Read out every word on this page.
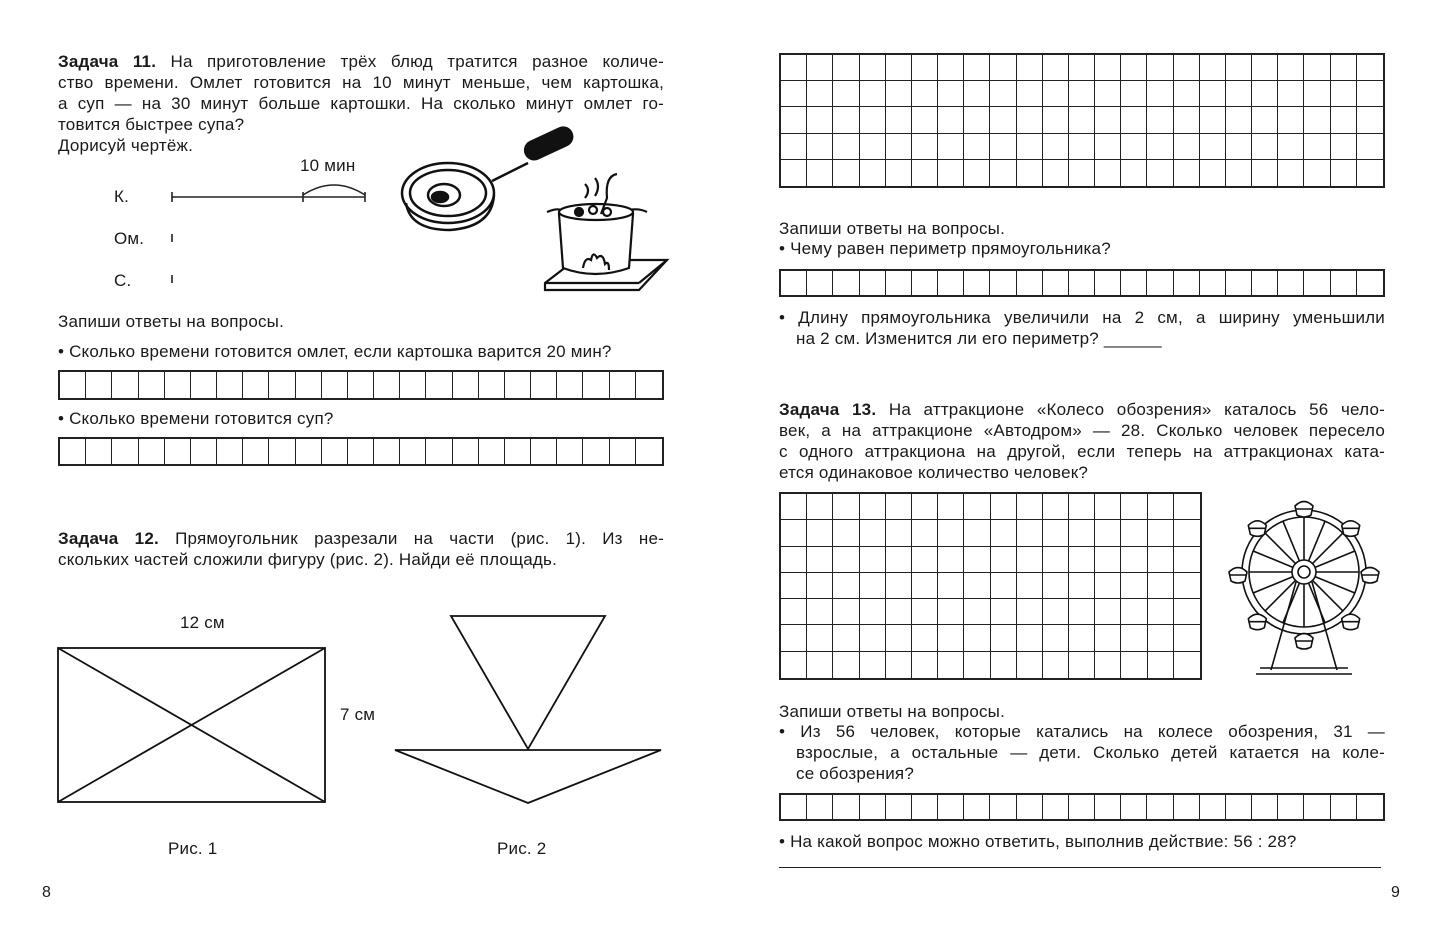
Задача 11. На приготовление трёх блюд тратится разное количе-
ство времени. Омлет готовится на 10 минут меньше, чем картошка,
а суп — на 30 минут больше картошки. На сколько минут омлет го-
товится быстрее супа?
Дорисуй чертёж.
К.
Ом.
С.
10 мин
Запиши ответы на вопросы.
• Сколько времени готовится омлет, если картошка варится 20 мин?
• Сколько времени готовится суп?
Задача 12. Прямоугольник разрезали на части (рис. 1). Из не-
скольких частей сложили фигуру (рис. 2). Найди её площадь.
12 см
7 см
Рис. 1	Рис. 2
8
Запиши ответы на вопросы.
• Чему равен периметр прямоугольника?
• Длину прямоугольника увеличили на 2 см, а ширину уменьшили
на 2 см. Изменится ли его периметр? ______
Задача 13. На аттракционе «Колесо обозрения» каталось 56 чело-
век, а на аттракционе «Автодром» — 28. Сколько человек пересело
с одного аттракциона на другой, если теперь на аттракционах ката-
ется одинаковое количество человек?
Запиши ответы на вопросы.
• Из 56 человек, которые катались на колесе обозрения, 31 —
взрослые, а остальные — дети. Сколько детей катается на коле-
се обозрения?
• На какой вопрос можно ответить, выполнив действие: 56 : 28?
9
